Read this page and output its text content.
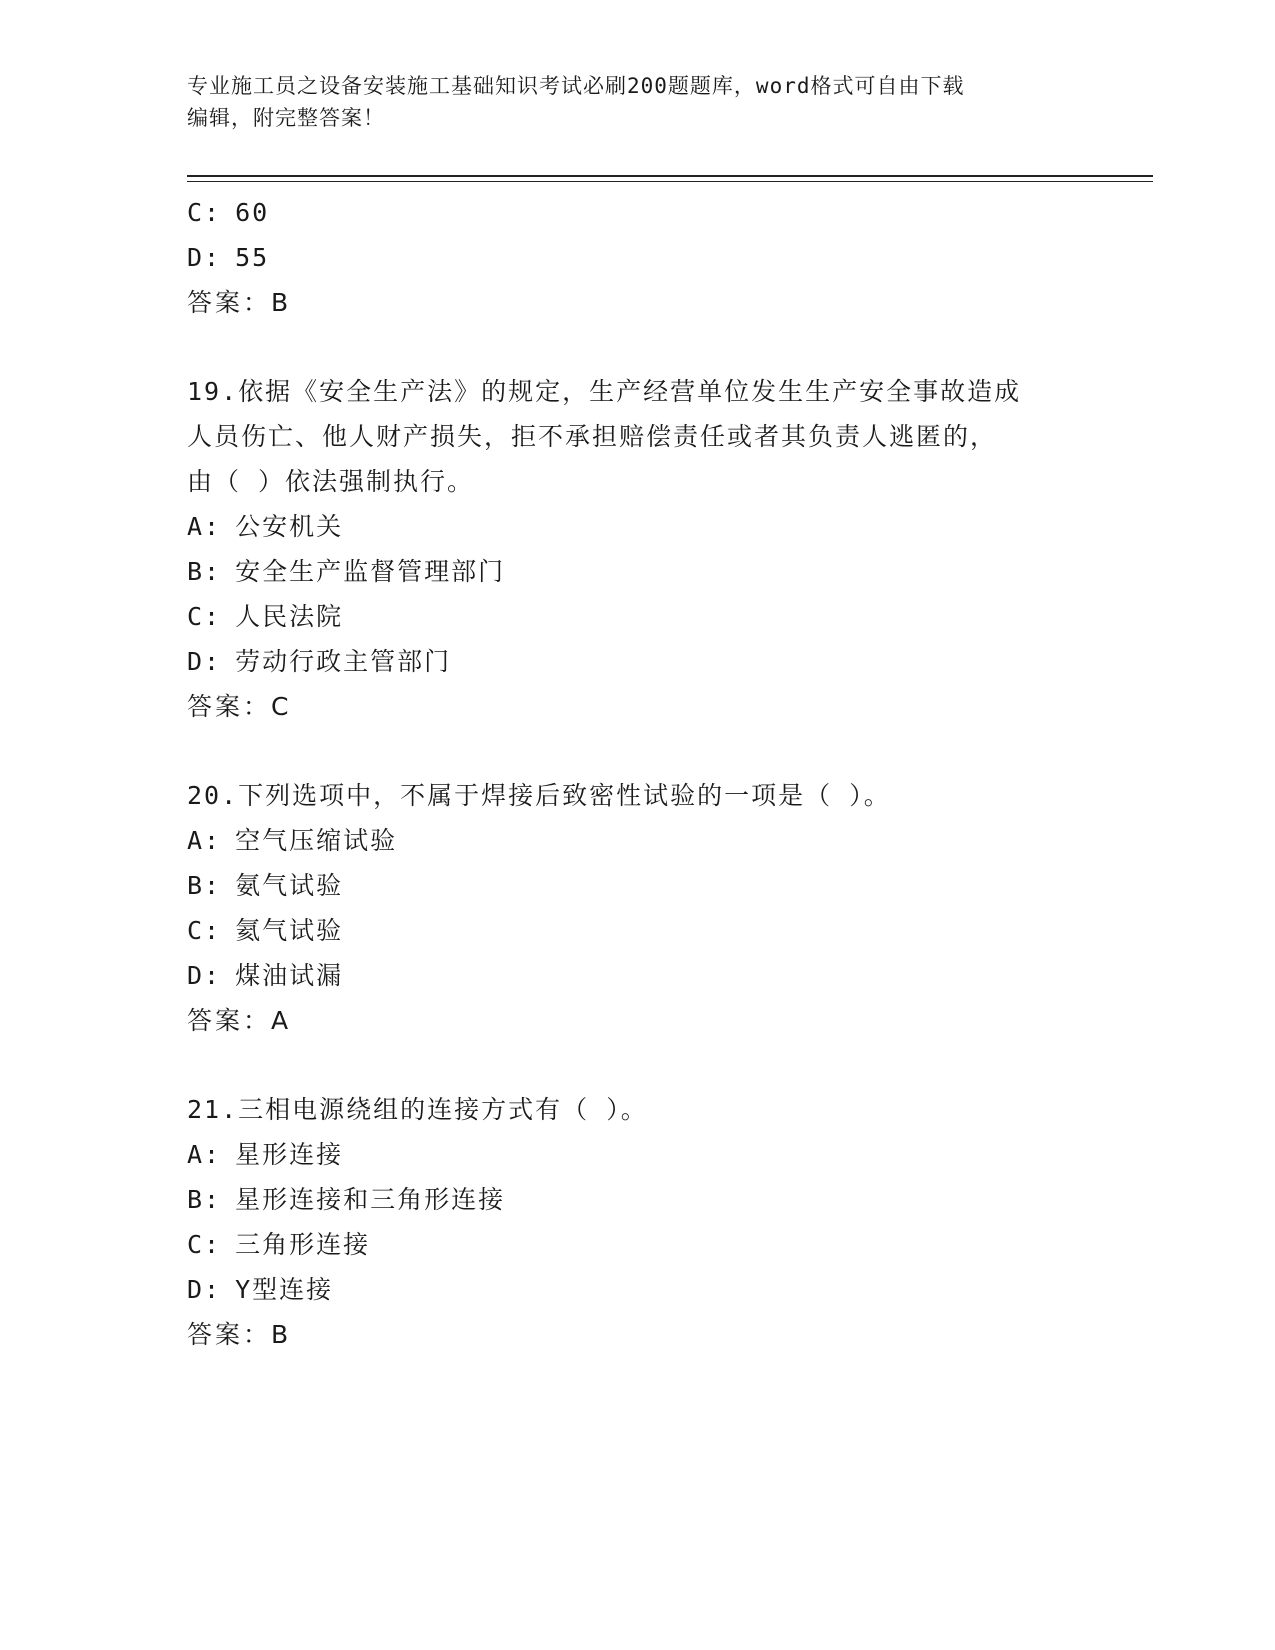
专业施工员之设备安装施工基础知识考试必刷200题题库，word格式可自由下载
编辑，附完整答案！
C: 60
D: 55
答案：B
19.依据《安全生产法》的规定，生产经营单位发生生产安全事故造成
人员伤亡、他人财产损失，拒不承担赔偿责任或者其负责人逃匿的，
由（ ）依法强制执行。
A: 公安机关
B: 安全生产监督管理部门
C: 人民法院
D: 劳动行政主管部门
答案：C
20.下列选项中，不属于焊接后致密性试验的一项是（ ）。
A: 空气压缩试验
B: 氨气试验
C: 氦气试验
D: 煤油试漏
答案：A
21.三相电源绕组的连接方式有（ ）。
A: 星形连接
B: 星形连接和三角形连接
C: 三角形连接
D: Y型连接
答案：B
